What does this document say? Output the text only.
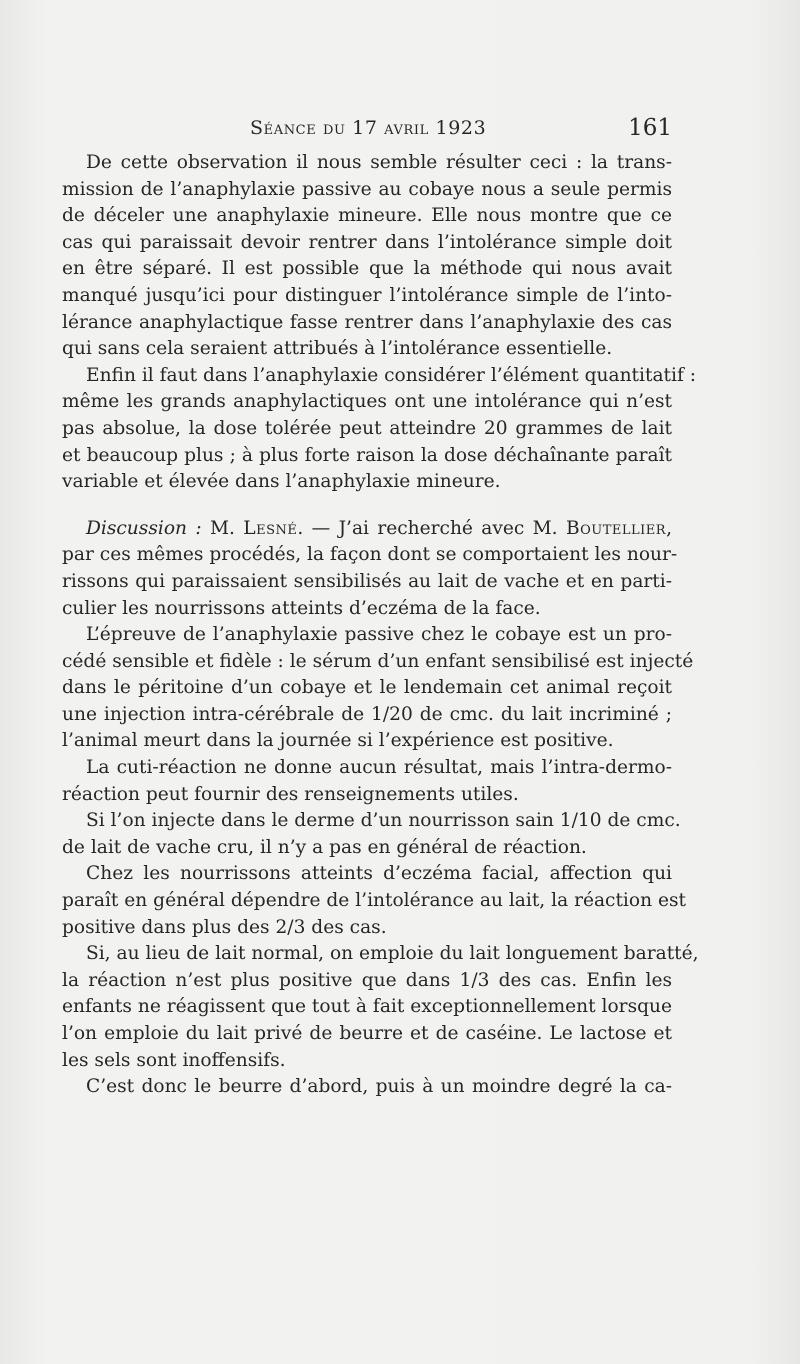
Séance du 17 avril 1923	161
De cette observation il nous semble résulter ceci : la trans-
mission de l’anaphylaxie passive au cobaye nous a seule permis
de déceler une anaphylaxie mineure. Elle nous montre que ce
cas qui paraissait devoir rentrer dans l’intolérance simple doit
en être séparé. Il est possible que la méthode qui nous avait
manqué jusqu’ici pour distinguer l’intolérance simple de l’into-
lérance anaphylactique fasse rentrer dans l’anaphylaxie des cas
qui sans cela seraient attribués à l’intolérance essentielle.
Enfin il faut dans l’anaphylaxie considérer l’élément quantitatif :
même les grands anaphylactiques ont une intolérance qui n’est
pas absolue, la dose tolérée peut atteindre 20 grammes de lait
et beaucoup plus ; à plus forte raison la dose déchaînante paraît
variable et élevée dans l’anaphylaxie mineure.
Discussion : M. Lesné. — J’ai recherché avec M. Boutellier,
par ces mêmes procédés, la façon dont se comportaient les nour-
rissons qui paraissaient sensibilisés au lait de vache et en parti-
culier les nourrissons atteints d’eczéma de la face.
L’épreuve de l’anaphylaxie passive chez le cobaye est un pro-
cédé sensible et fidèle : le sérum d’un enfant sensibilisé est injecté
dans le péritoine d’un cobaye et le lendemain cet animal reçoit
une injection intra-cérébrale de 1/20 de cmc. du lait incriminé ;
l’animal meurt dans la journée si l’expérience est positive.
La cuti-réaction ne donne aucun résultat, mais l’intra-dermo-
réaction peut fournir des renseignements utiles.
Si l’on injecte dans le derme d’un nourrisson sain 1/10 de cmc.
de lait de vache cru, il n’y a pas en général de réaction.
Chez les nourrissons atteints d’eczéma facial, affection qui
paraît en général dépendre de l’intolérance au lait, la réaction est
positive dans plus des 2/3 des cas.
Si, au lieu de lait normal, on emploie du lait longuement baratté,
la réaction n’est plus positive que dans 1/3 des cas. Enfin les
enfants ne réagissent que tout à fait exceptionnellement lorsque
l’on emploie du lait privé de beurre et de caséine. Le lactose et
les sels sont inoffensifs.
C’est donc le beurre d’abord, puis à un moindre degré la ca-
